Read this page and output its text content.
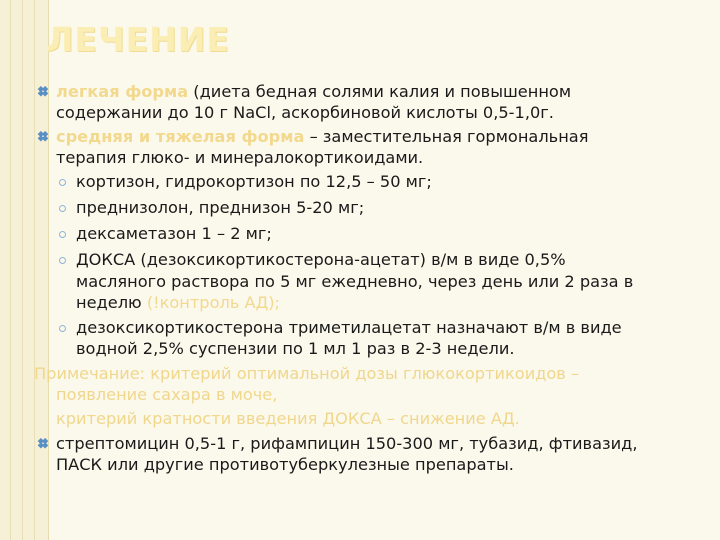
ЛЕЧЕНИЕ
легкая форма (диета бедная солями калия и повышенном
содержании до 10 г NaCl, аскорбиновой кислоты 0,5-1,0г.
средняя и тяжелая форма – заместительная гормональная
терапия глюко- и минералокортикоидами.
кортизон, гидрокортизон по 12,5 – 50 мг;
преднизолон, преднизон 5-20 мг;
дексаметазон 1 – 2 мг;
ДОКСА (дезоксикортикостерона-ацетат) в/м в виде 0,5%
масляного раствора по 5 мг ежедневно, через день или 2 раза в
неделю (!контроль АД);
дезоксикортикостерона триметилацетат назначают в/м в виде
водной 2,5% суспензии по 1 мл 1 раз в 2-3 недели.
Примечание: критерий оптимальной дозы глюкокортикоидов –
появление сахара в моче,
критерий кратности введения ДОКСА – снижение АД.
стрептомицин 0,5-1 г, рифампицин 150-300 мг, тубазид, фтивазид,
ПАСК или другие противотуберкулезные препараты.
